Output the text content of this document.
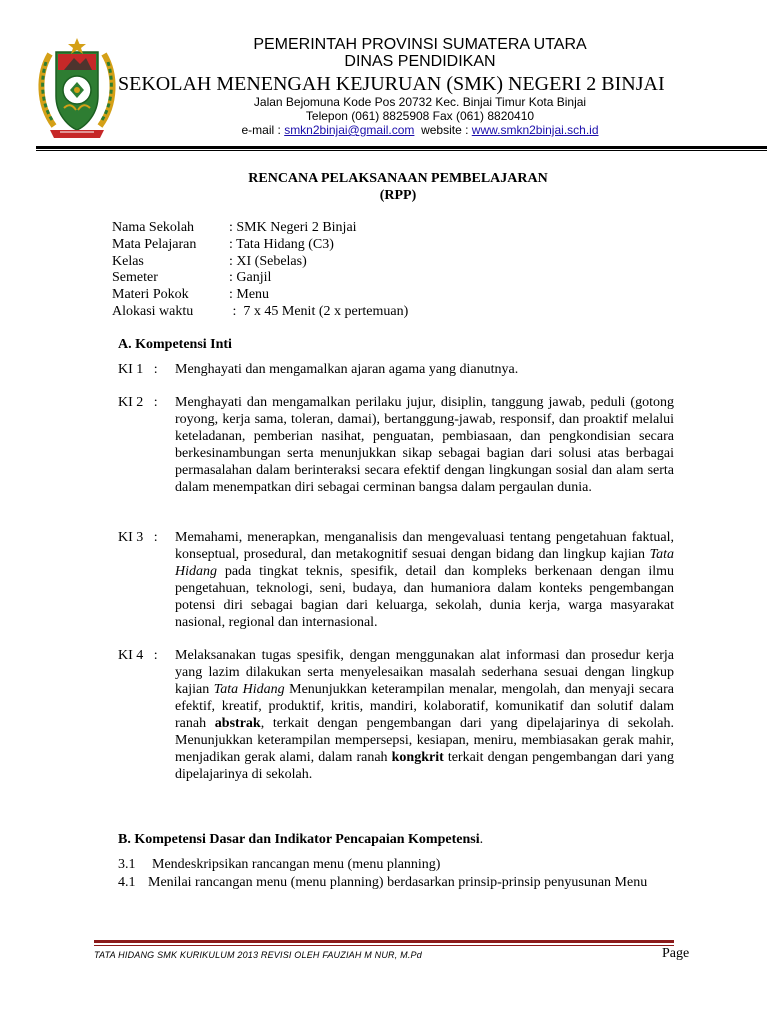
PEMERINTAH PROVINSI SUMATERA UTARA
DINAS PENDIDIKAN
SEKOLAH MENENGAH KEJURUAN (SMK) NEGERI 2 BINJAI
Jalan Bejomuna Kode Pos 20732 Kec. Binjai Timur Kota Binjai
Telepon (061) 8825908 Fax (061) 8820410
e-mail : smkn2binjai@gmail.com  website : www.smkn2binjai.sch.id
RENCANA PELAKSANAAN PEMBELAJARAN
(RPP)
Nama Sekolah	: SMK Negeri 2 Binjai
Mata Pelajaran	: Tata Hidang (C3)
Kelas	: XI (Sebelas)
Semeter	: Ganjil
Materi Pokok	: Menu
Alokasi waktu	:  7 x 45 Menit (2 x pertemuan)
A. Kompetensi Inti
KI 1   :	Menghayati dan mengamalkan ajaran agama yang dianutnya.
KI 2   :	Menghayati dan mengamalkan perilaku jujur, disiplin, tanggung jawab, peduli (gotong royong, kerja sama, toleran, damai), bertanggung-jawab, responsif, dan proaktif melalui keteladanan, pemberian nasihat, penguatan, pembiasaan, dan pengkondisian secara berkesinambungan serta menunjukkan sikap sebagai bagian dari solusi atas berbagai permasalahan dalam berinteraksi secara efektif dengan lingkungan sosial dan alam serta dalam menempatkan diri sebagai cerminan bangsa dalam pergaulan dunia.
KI 3   :	Memahami, menerapkan, menganalisis dan mengevaluasi tentang pengetahuan faktual, konseptual, prosedural, dan metakognitif sesuai dengan bidang dan lingkup kajian Tata Hidang pada tingkat teknis, spesifik, detail dan kompleks berkenaan dengan ilmu pengetahuan, teknologi, seni, budaya, dan humaniora dalam konteks pengembangan potensi diri sebagai bagian dari keluarga, sekolah, dunia kerja, warga masyarakat nasional, regional dan internasional.
KI 4   :	Melaksanakan tugas spesifik, dengan menggunakan alat informasi dan prosedur kerja yang lazim dilakukan serta menyelesaikan masalah sederhana sesuai dengan lingkup kajian Tata Hidang Menunjukkan keterampilan menalar, mengolah, dan menyaji secara efektif, kreatif, produktif, kritis, mandiri, kolaboratif, komunikatif dan solutif dalam ranah abstrak, terkait dengan pengembangan dari yang dipelajarinya di sekolah. Menunjukkan keterampilan mempersepsi, kesiapan, meniru, membiasakan gerak mahir, menjadikan gerak alami, dalam ranah kongkrit terkait dengan pengembangan dari yang dipelajarinya di sekolah.
B. Kompetensi Dasar dan Indikator Pencapaian Kompetensi.
3.1 Mendeskripsikan rancangan menu (menu planning)
4.1 Menilai rancangan menu (menu planning) berdasarkan prinsip-prinsip penyusunan Menu
TATA HIDANG SMK KURIKULUM 2013 REVISI OLEH FAUZIAH M NUR, M.Pd	Page
